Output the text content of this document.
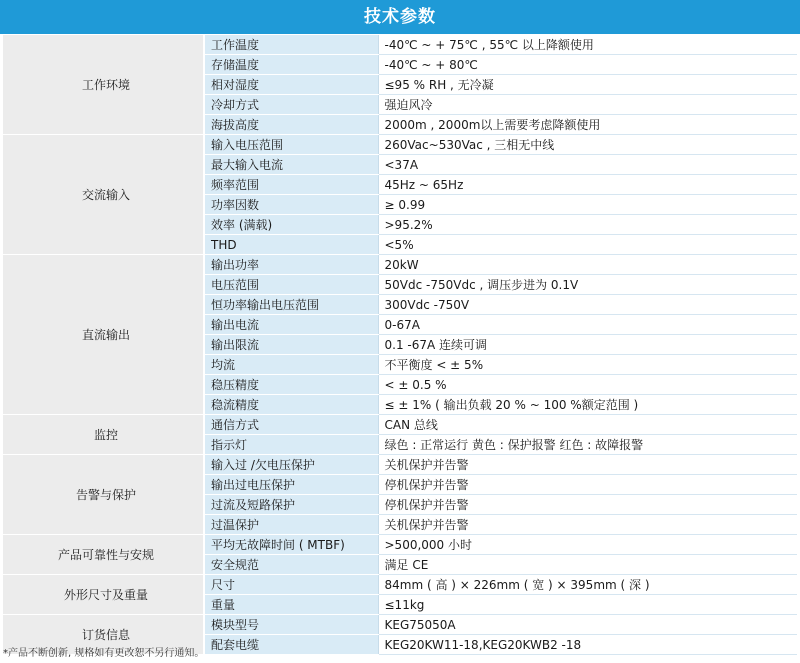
技术参数
工作环境	工作温度	-40℃ ~ + 75℃ , 55℃ 以上降额使用
	存储温度	-40℃ ~ + 80℃
	相对湿度	≤95 % RH , 无冷凝
	冷却方式	强迫风冷
	海拔高度	2000m , 2000m以上需要考虑降额使用
交流输入	输入电压范围	260Vac~530Vac , 三相无中线
	最大输入电流	<37A
	频率范围	45Hz ~ 65Hz
	功率因数	≥ 0.99
	效率 (满载)	>95.2%
	THD	<5%
直流输出	输出功率	20kW
	电压范围	50Vdc -750Vdc , 调压步进为 0.1V
	恒功率输出电压范围	300Vdc -750V
	输出电流	0-67A
	输出限流	0.1 -67A 连续可调
	均流	不平衡度 < ± 5%
	稳压精度	< ± 0.5 %
	稳流精度	≤ ± 1% ( 输出负载 20 % ~ 100 %额定范围 )
监控	通信方式	CAN 总线
	指示灯	绿色 : 正常运行 黄色 : 保护报警 红色 : 故障报警
告警与保护	输入过 /欠电压保护	关机保护并告警
	输出过电压保护	停机保护并告警
	过流及短路保护	停机保护并告警
	过温保护	关机保护并告警
产品可靠性与安规	平均无故障时间 ( MTBF)	>500,000 小时
	安全规范	满足 CE
外形尺寸及重量	尺寸	84mm ( 高 ) × 226mm ( 宽 ) × 395mm ( 深 )
	重量	≤11kg
订货信息	模块型号	KEG75050A
	配套电缆	KEG20KW11-18,KEG20KWB2 -18
*产品不断创新, 规格如有更改恕不另行通知。
